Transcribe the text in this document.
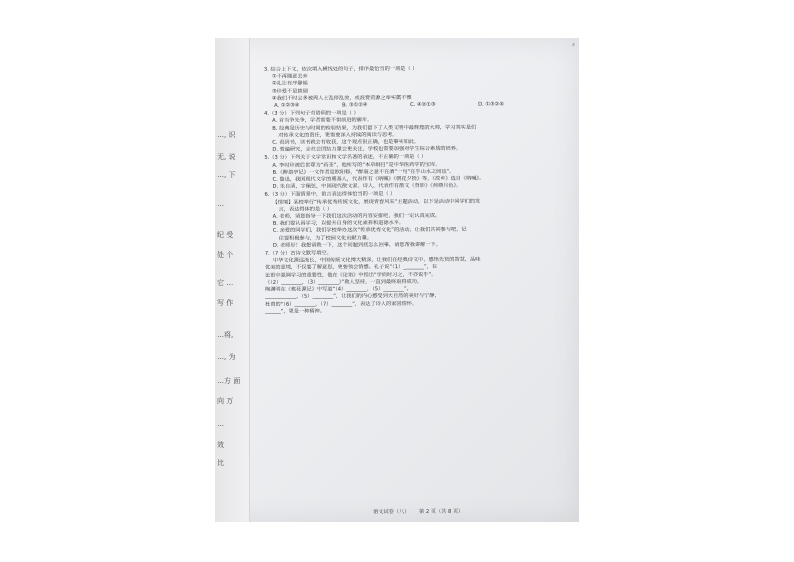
…, 识
无, 说
…, 下
…
纪 受
处 个
它 …
写 作
…将,
…, 为
…方 面
向 万
…
效
比
ε

3. 结合上下文，依次填入横线处的句子，排序最恰当的一项是（ ）

①不再随意丢弃

②礼让有序静候

③珍爱不是挑剔

④我们不时会多被周人士乱停乱放，或浪费资源之举实属不雅

A. ①②③④	B. ③①②④	C. ④②①③	D. ①③②④

4.（3 分）下列句子有语病的一项是（ ）

A. 首当争先争，学者需要不惧前进的脚步。

B. 经典是历史与时间的检验结果，为我们留下了人类文明中最辉煌的大师，学习其实是们

对传承文化的责任，更需要深入持续的阅读与思考。

C. 看到书，读书就会有收获，这个观点很正确，也是事实如此。

D. 普遍研究，全社会团结力量会更关注，学校也需要加强对学生综合素质的培养。

5.（3 分）下列关于文学常识和文学名著的表述，不正确的一项是（ ）

A. 李时珍被后世尊为“药圣”，他所写的“本草纲目”是中华医药学的宝库。

B.《醉翁亭记》一文作者是欧阳修，“醉翁之意不在酒”一句“在乎山水之间也”。

C. 鲁迅，我国现代文学的奠基人，代表作有《呐喊》《朝花夕拾》等，《故乡》选自《呐喊》。

D. 朱自清，字佩弦，中国现代散文家、诗人，代表作有散文《背影》《荷塘月色》。

6.（3 分）下面情景中，语言表达得体恰当的一项是（ ）

【情境】某校举行“传承优秀传统文化，展现青春风采”主题活动，以下是活动中同学们的发

言，表达得体的是（ ）

A. 老师，请您指导一下我们这次活动的内容安排吧，我们一定认真完成。

B. 我们要认真学习，以提升自身的文化素养和道德水平。

C. 亲爱的同学们，我们学校举办这次“传承优秀文化”的活动，让我们共同参与吧，记

住要积极参与，为了校园文化贡献力量。

D. 老师好！我想请教一下，这个问题到底怎么回事，请您帮我讲解一下。

7.（7 分）古诗文默写填空。

中华文化源远流长，中国传统文化博大精深，让我们在经典诗文中，感悟先贤的智慧，品味

优美的意境，不仅要了解意思，更要领会情感。孔子说“（1）________”，在

论语中强调学习的重要性，他在《论语》中指出“学而时习之，不亦说乎”。

《（2）________，（3）________》”教人坚持，一直到最终取得成功。

陶渊明在《桃花源记》中写道“（4）________，（5）________”，

____________，（5）________”，让我们的内心感受到大自然的美好与宁静，

杜甫的“（6）________，（7）________”，表达了诗人的家国情怀。

______”，更是一种精神。

语文试卷（八） 第 2 页（共 8 页）
